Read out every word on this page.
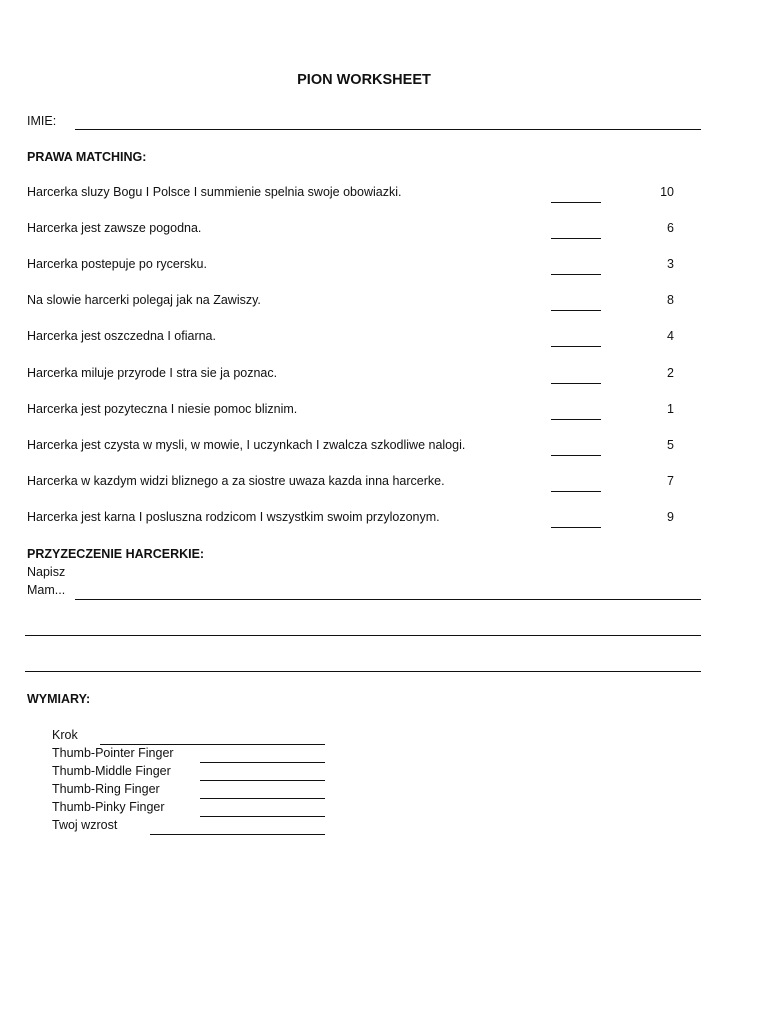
PION WORKSHEET
IMIE:
PRAWA MATCHING:
Harcerka sluzy Bogu I Polsce I summienie spelnia swoje obowiazki.	10
Harcerka jest zawsze pogodna.	6
Harcerka postepuje po rycersku.	3
Na slowie harcerki polegaj jak na Zawiszy.	8
Harcerka jest oszczedna I ofiarna.	4
Harcerka miluje przyrode I stra sie ja poznac.	2
Harcerka jest pozyteczna I niesie pomoc bliznim.	1
Harcerka jest czysta w mysli, w mowie, I uczynkach I zwalcza szkodliwe nalogi.	5
Harcerka w kazdym widzi bliznego a za siostre uwaza kazda inna harcerke.	7
Harcerka jest karna I posluszna rodzicom I wszystkim swoim przylozonym.	9
PRZYZECZENIE HARCERKIE:
Napisz
Mam...
WYMIARY:
Krok
Thumb-Pointer Finger
Thumb-Middle Finger
Thumb-Ring Finger
Thumb-Pinky Finger
Twoj wzrost
